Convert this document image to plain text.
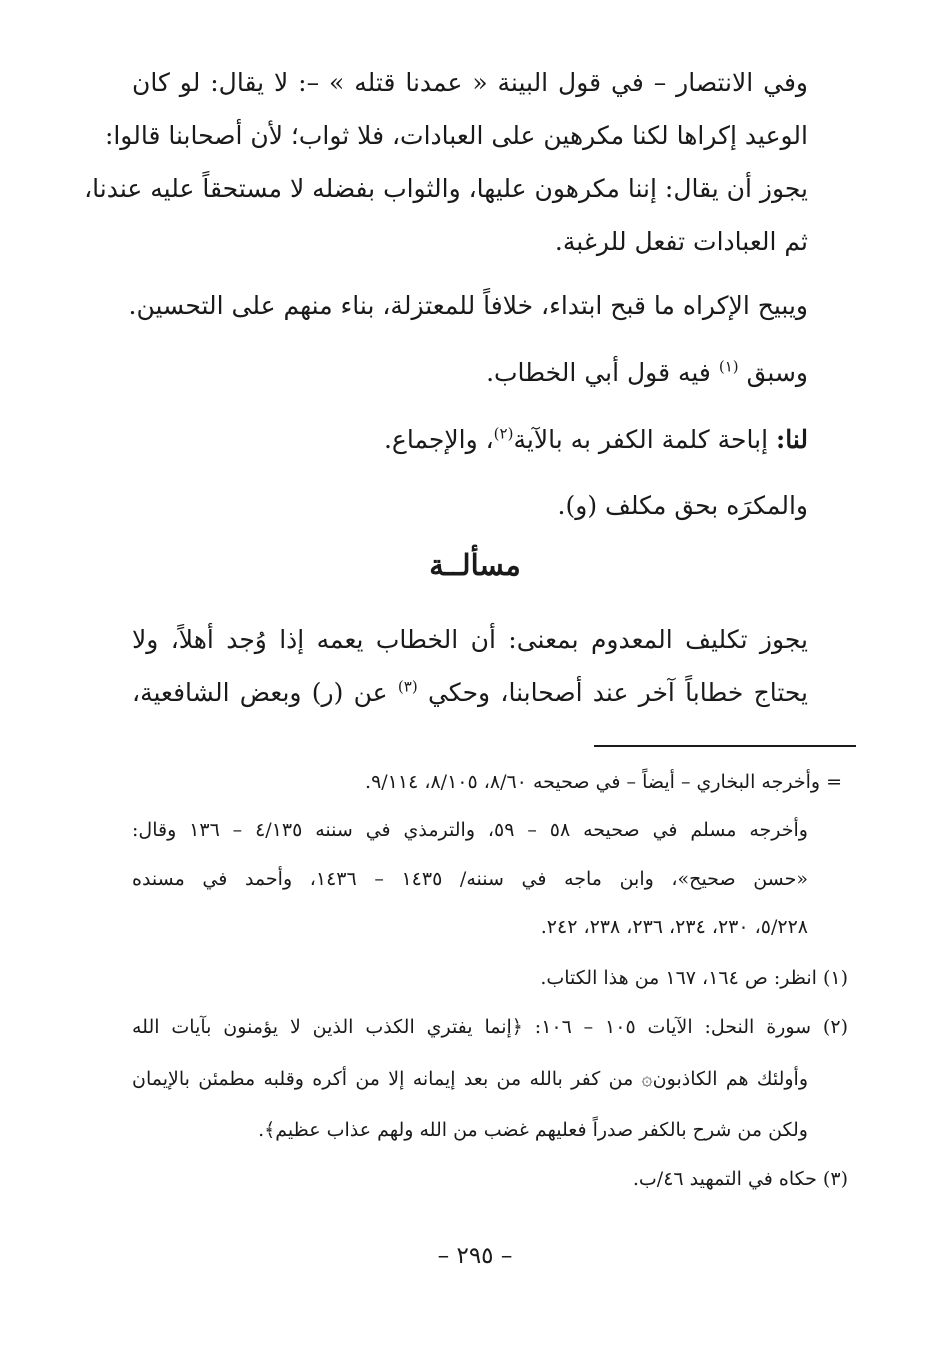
وفي الانتصار – في قول البينة « عمدنا قتله » –: لا يقال: لو كان
الوعيد إكراها لكنا مكرهين على العبادات، فلا ثواب؛ لأن أصحابنا قالوا:
يجوز أن يقال: إننا مكرهون عليها، والثواب بفضله لا مستحقاً عليه عندنا،
ثم العبادات تفعل للرغبة.
ويبيح الإكراه ما قبح ابتداء، خلافاً للمعتزلة، بناء منهم على التحسين.
وسبق $^{(١)}$ فيه قول أبي الخطاب.
لنا: إباحة كلمة الكفر به بالآية$^{(٢)}$، والإجماع.
والمكرَه بحق مكلف (و).
مسألــة
يجوز تكليف المعدوم بمعنى: أن الخطاب يعمه إذا وُجد أهلاً، ولا
يحتاج خطاباً آخر عند أصحابنا، وحكي $^{(٣)}$ عن (ر) وبعض الشافعية،
= وأخرجه البخاري – أيضاً – في صحيحه ٨/٦٠، ٨/١٠٥، ٩/١١٤.
وأخرجه مسلم في صحيحه ٥٨ – ٥٩، والترمذي في سننه ٤/١٣٥ – ١٣٦ وقال:
«حسن صحيح»، وابن ماجه في سننه/ ١٤٣٥ – ١٤٣٦، وأحمد في مسنده
٥/٢٢٨، ٢٣٠، ٢٣٤، ٢٣٦، ٢٣٨، ٢٤٢.
(١) انظر: ص ١٦٤، ١٦٧ من هذا الكتاب.
(٢) سورة النحل: الآيات ١٠٥ – ١٠٦: ﴿إنما يفتري الكذب الذين لا يؤمنون بآيات الله
وأولئك هم الكاذبون۞ من كفر بالله من بعد إيمانه إلا من أكره وقلبه مطمئن بالإيمان
ولكن من شرح بالكفر صدراً فعليهم غضب من الله ولهم عذاب عظيم﴾.
(٣) حكاه في التمهيد ٤٦/ب.
– ٢٩٥ –
